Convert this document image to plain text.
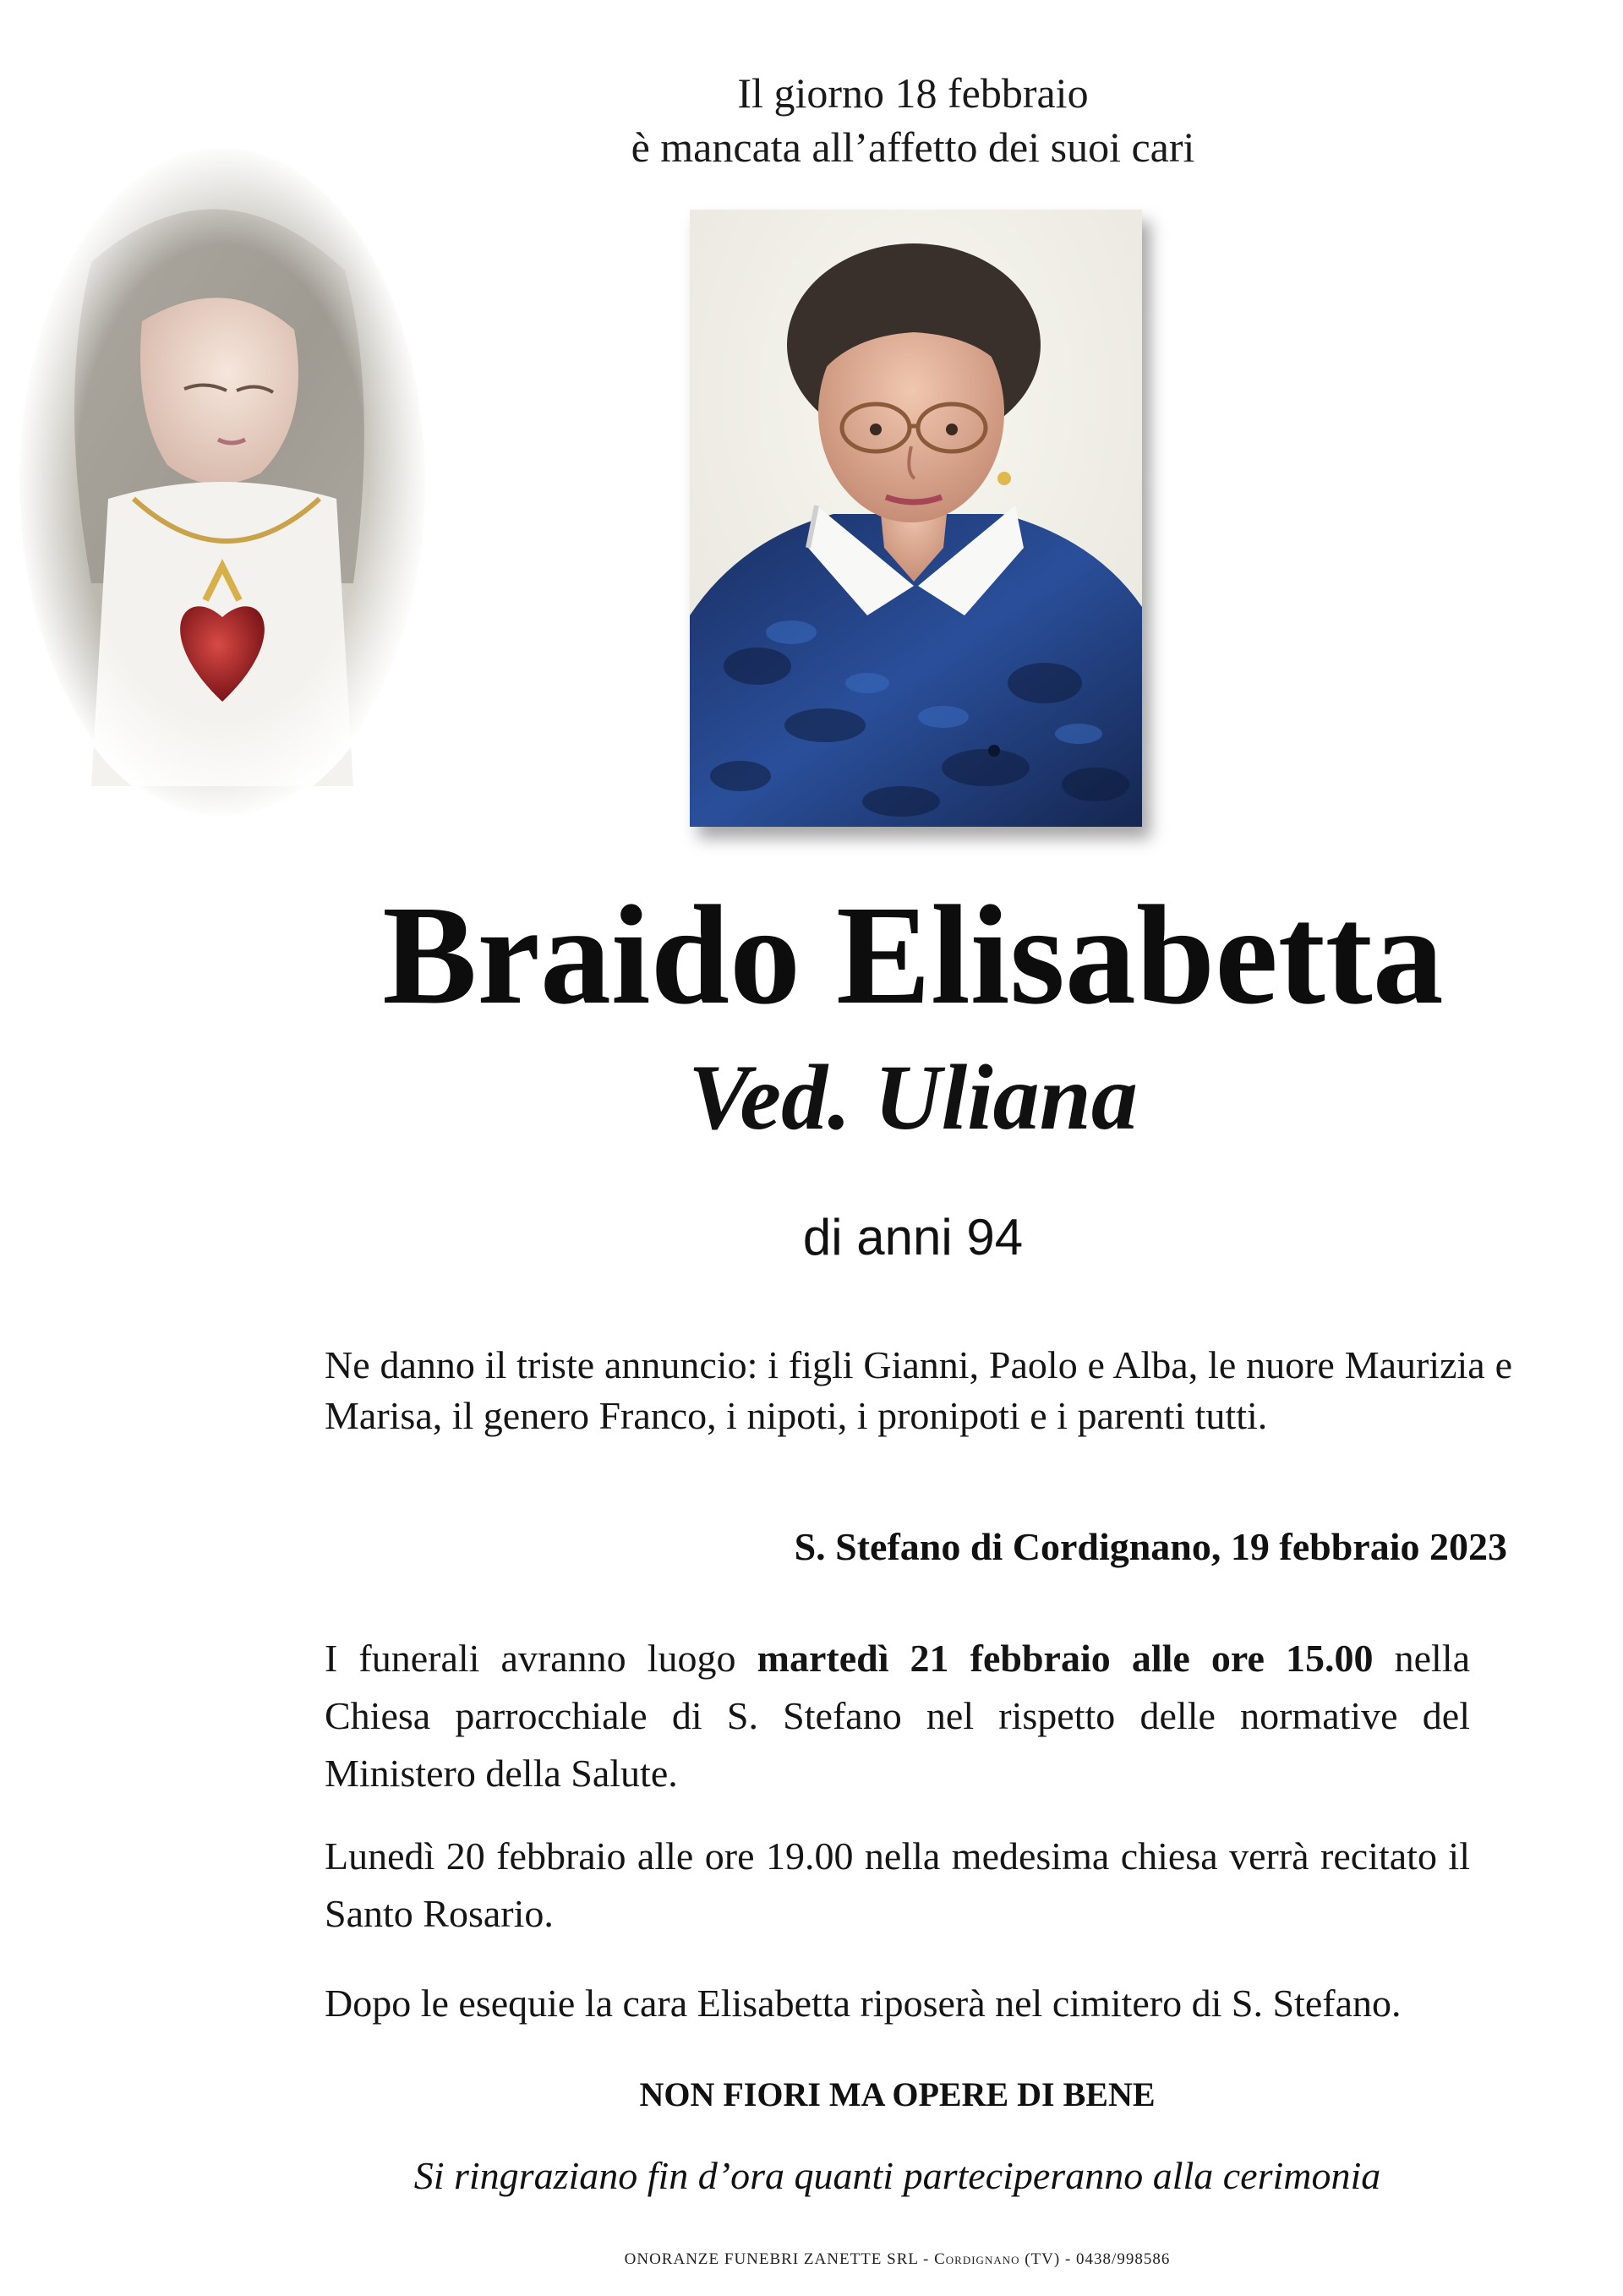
Il giorno 18 febbraio
è mancata all’affetto dei suoi cari
Braido Elisabetta
Ved. Uliana
di anni 94
Ne danno il triste annuncio: i figli Gianni, Paolo e Alba, le nuore Maurizia e Marisa, il genero Franco, i nipoti, i pronipoti e i parenti tutti.
S. Stefano di Cordignano, 19 febbraio 2023
I funerali avranno luogo martedì 21 febbraio alle ore 15.00 nella Chiesa parrocchiale di S. Stefano nel rispetto delle normative del Ministero della Salute.
Lunedì 20 febbraio alle ore 19.00 nella medesima chiesa verrà recitato il Santo Rosario.
Dopo le esequie la cara Elisabetta riposerà nel cimitero di S. Stefano.
NON FIORI MA OPERE DI BENE
Si ringraziano fin d’ora quanti parteciperanno alla cerimonia
ONORANZE FUNEBRI ZANETTE SRL - Cordignano (TV) - 0438/998586
